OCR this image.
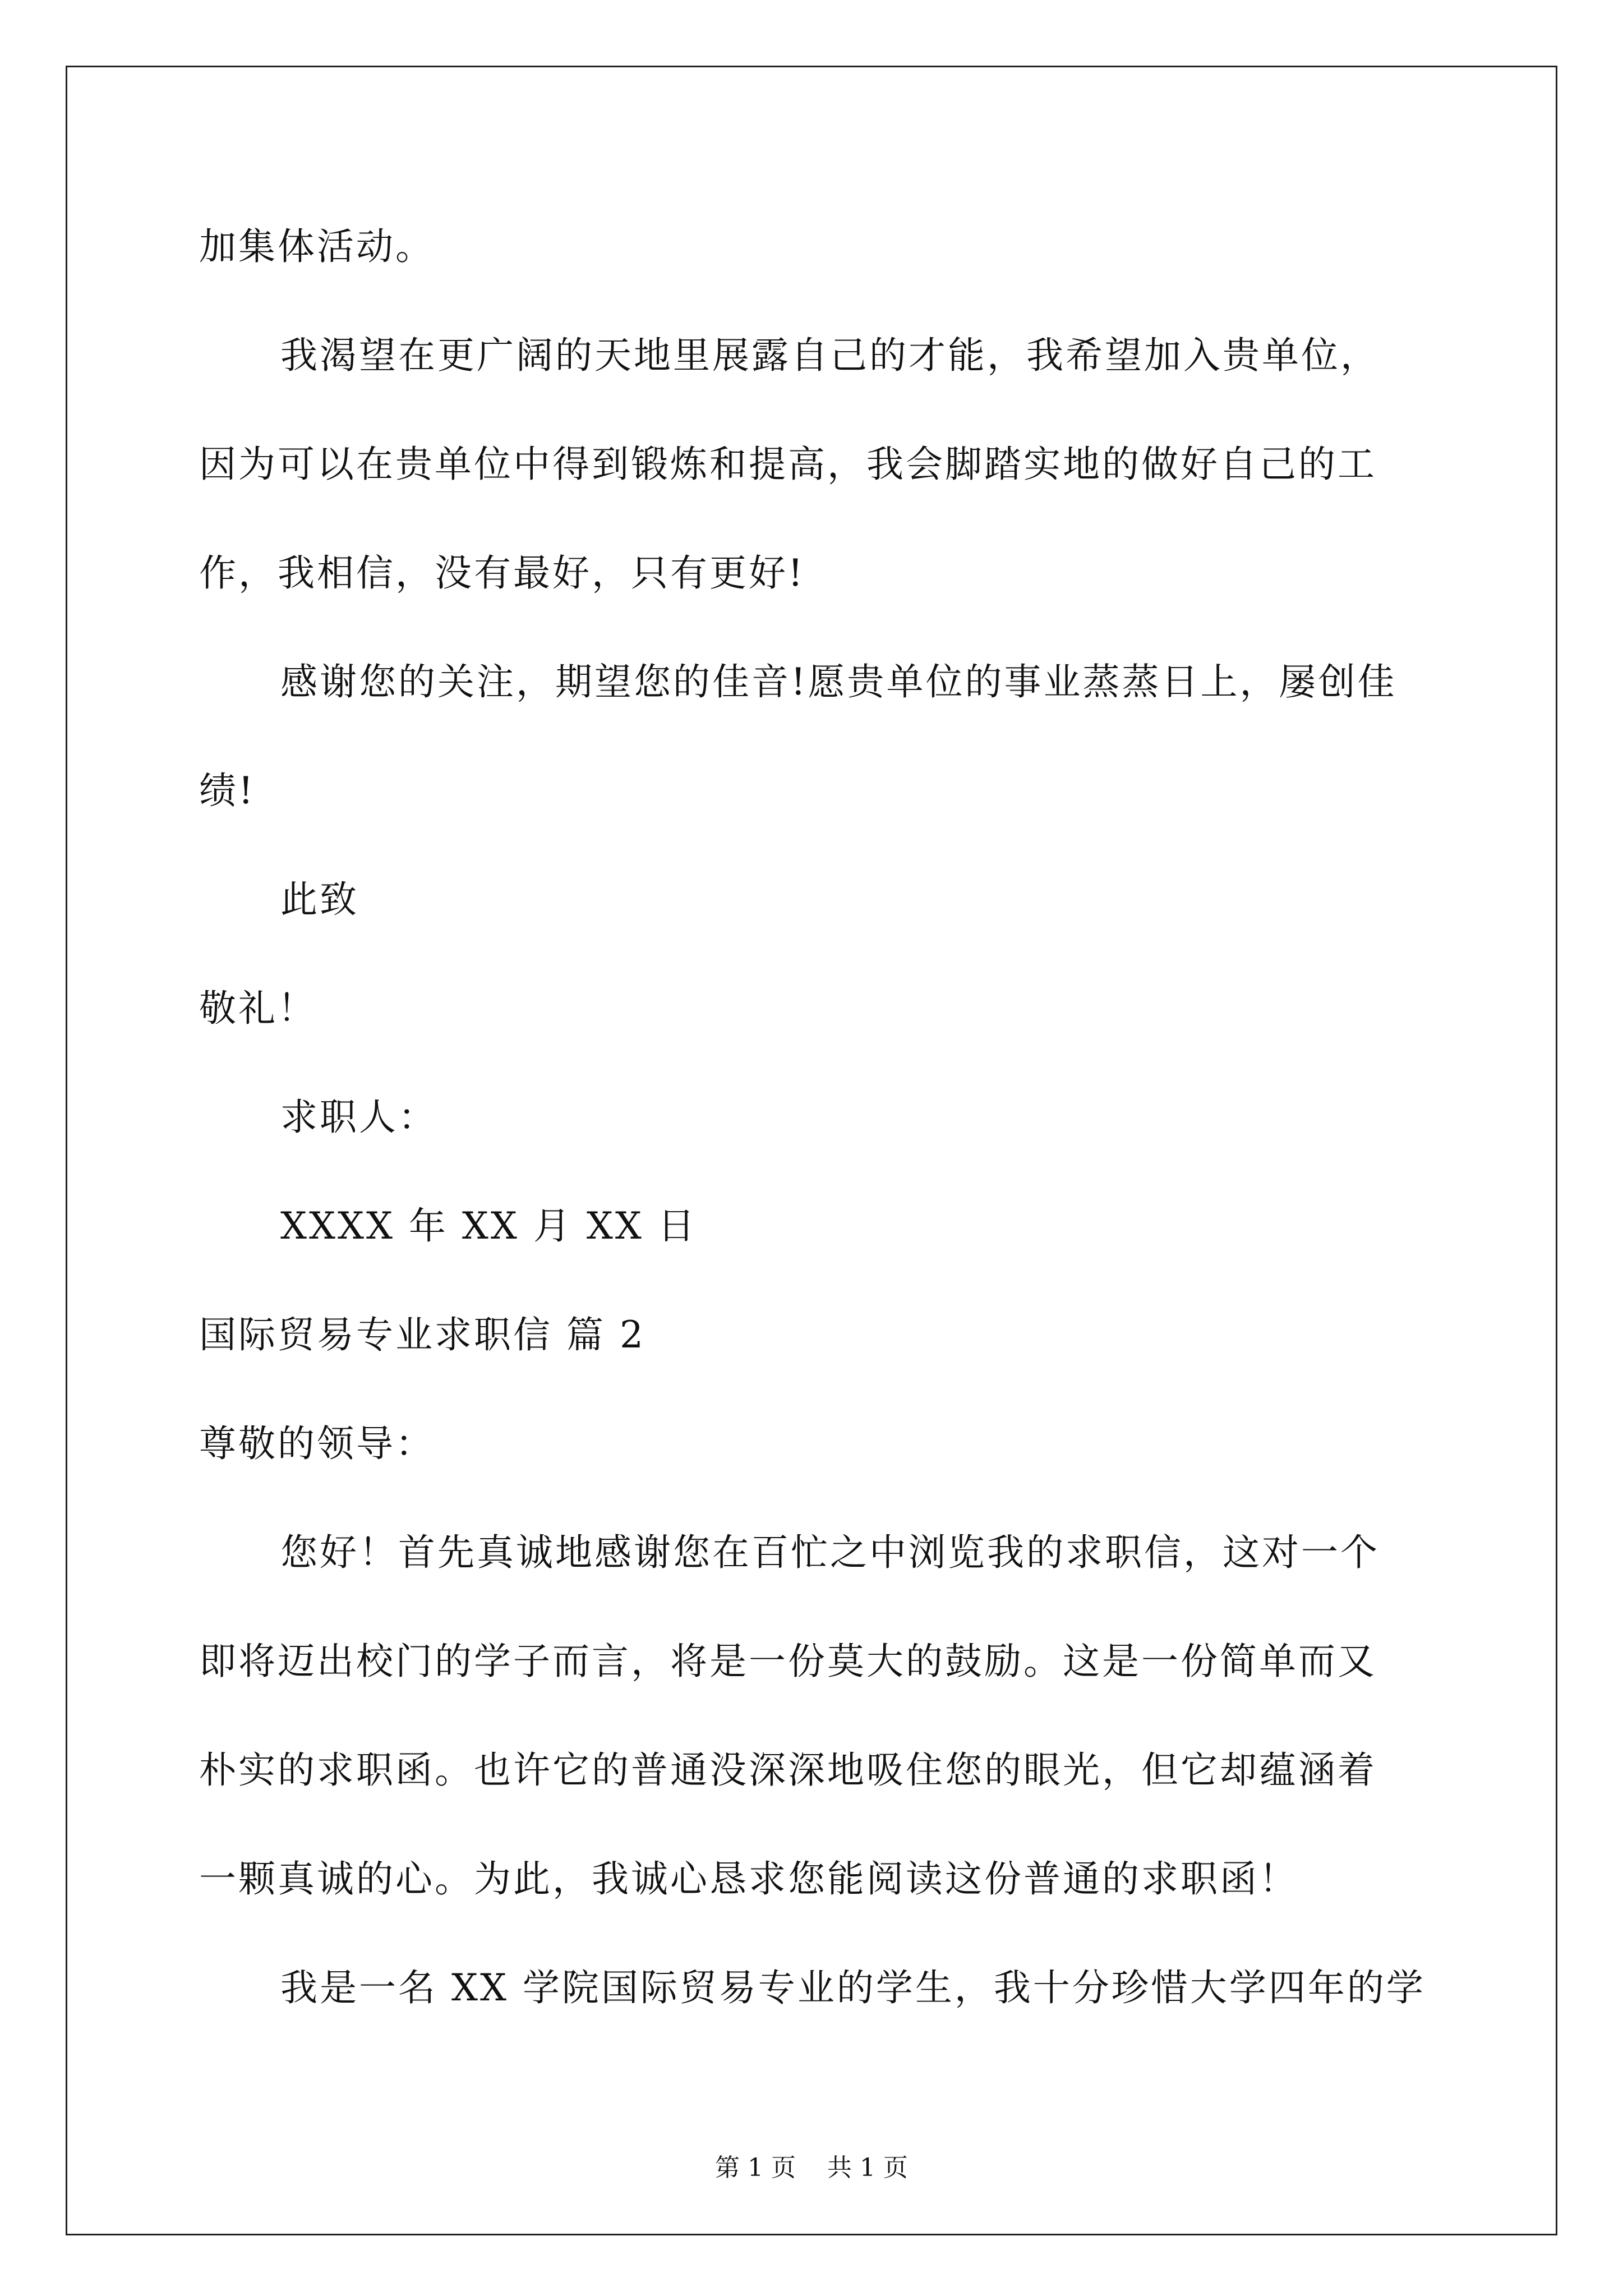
加集体活动。
我渴望在更广阔的天地里展露自己的才能，我希望加入贵单位，
因为可以在贵单位中得到锻炼和提高，我会脚踏实地的做好自己的工
作，我相信，没有最好，只有更好!
感谢您的关注，期望您的佳音!愿贵单位的事业蒸蒸日上，屡创佳
绩!
此致
敬礼！
求职人：
XXXX 年 XX 月 XX 日
国际贸易专业求职信 篇 2
尊敬的领导：
您好！首先真诚地感谢您在百忙之中浏览我的求职信，这对一个
即将迈出校门的学子而言，将是一份莫大的鼓励。这是一份简单而又
朴实的求职函。也许它的普通没深深地吸住您的眼光，但它却蕴涵着
一颗真诚的心。为此，我诚心恳求您能阅读这份普通的求职函！
我是一名 XX 学院国际贸易专业的学生，我十分珍惜大学四年的学
第 1 页    共 1 页
